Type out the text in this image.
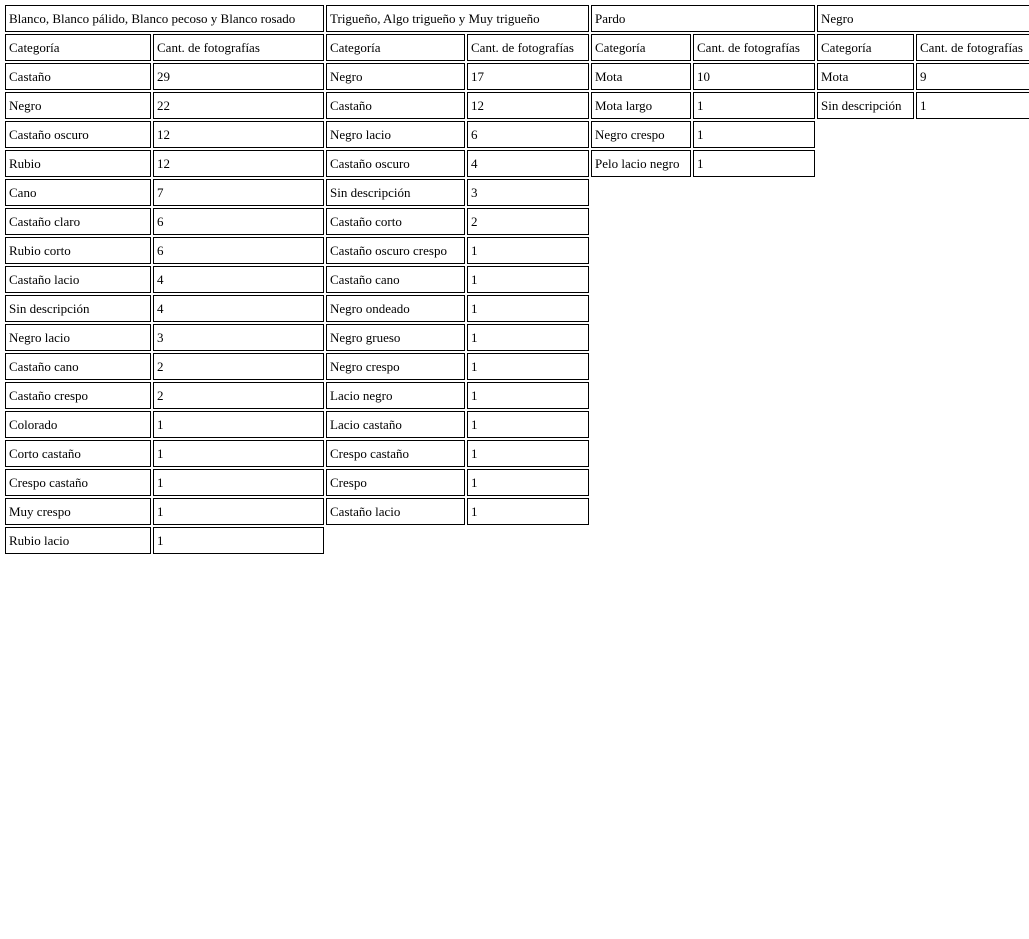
Blanco, Blanco pálido, Blanco pecoso y Blanco rosado
Categoría	Cant. de fotografías
Castaño	29
Negro	22
Castaño oscuro	12
Rubio	12
Cano	7
Castaño claro	6
Rubio corto	6
Castaño lacio	4
Sin descripción	4
Negro lacio	3
Castaño cano	2
Castaño crespo	2
Colorado	1
Corto castaño	1
Crespo castaño	1
Muy crespo	1
Rubio lacio	1
Trigueño, Algo trigueño y Muy trigueño
Categoría	Cant. de fotografías
Negro	17
Castaño	12
Negro lacio	6
Castaño oscuro	4
Sin descripción	3
Castaño corto	2
Castaño oscuro crespo	1
Castaño cano	1
Negro ondeado	1
Negro grueso	1
Negro crespo	1
Lacio negro	1
Lacio castaño	1
Crespo castaño	1
Crespo	1
Castaño lacio	1
Pardo
Categoría	Cant. de fotografías
Mota	10
Mota largo	1
Negro crespo	1
Pelo lacio negro	1
Negro
Categoría	Cant. de fotografías
Mota	9
Sin descripción	1
